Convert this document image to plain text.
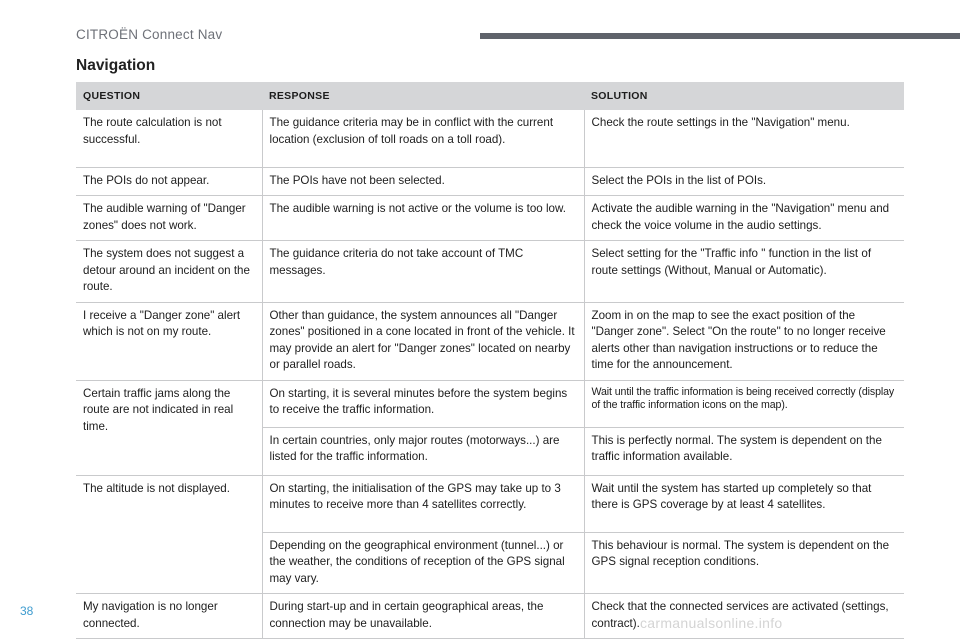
CITROËN Connect Nav
Navigation
QUESTION	RESPONSE	SOLUTION
The route calculation is not successful.	The guidance criteria may be in conflict with the current location (exclusion of toll roads on a toll road).	Check the route settings in the "Navigation" menu.
The POIs do not appear.	The POIs have not been selected.	Select the POIs in the list of POIs.
The audible warning of "Danger zones" does not work.	The audible warning is not active or the volume is too low.	Activate the audible warning in the "Navigation" menu and check the voice volume in the audio settings.
The system does not suggest a detour around an incident on the route.	The guidance criteria do not take account of TMC messages.	Select setting for the "Traffic info " function in the list of route settings (Without, Manual or Automatic).
I receive a "Danger zone" alert which is not on my route.	Other than guidance, the system announces all "Danger zones" positioned in a cone located in front of the vehicle. It may provide an alert for "Danger zones" located on nearby or parallel roads.	Zoom in on the map to see the exact position of the "Danger zone". Select "On the route" to no longer receive alerts other than navigation instructions or to reduce the time for the announcement.
Certain traffic jams along the route are not indicated in real time.	On starting, it is several minutes before the system begins to receive the traffic information.	Wait until the traffic information is being received correctly (display of the traffic information icons on the map).
	In certain countries, only major routes (motorways...) are listed for the traffic information.	This is perfectly normal. The system is dependent on the traffic information available.
The altitude is not displayed.	On starting, the initialisation of the GPS may take up to 3 minutes to receive more than 4 satellites correctly.	Wait until the system has started up completely so that there is GPS coverage by at least 4 satellites.
	Depending on the geographical environment (tunnel...) or the weather, the conditions of reception of the GPS signal may vary.	This behaviour is normal. The system is dependent on the GPS signal reception conditions.
My navigation is no longer connected.	During start-up and in certain geographical areas, the connection may be unavailable.	Check that the connected services are activated (settings, contract).
38
carmanualsonline.info
